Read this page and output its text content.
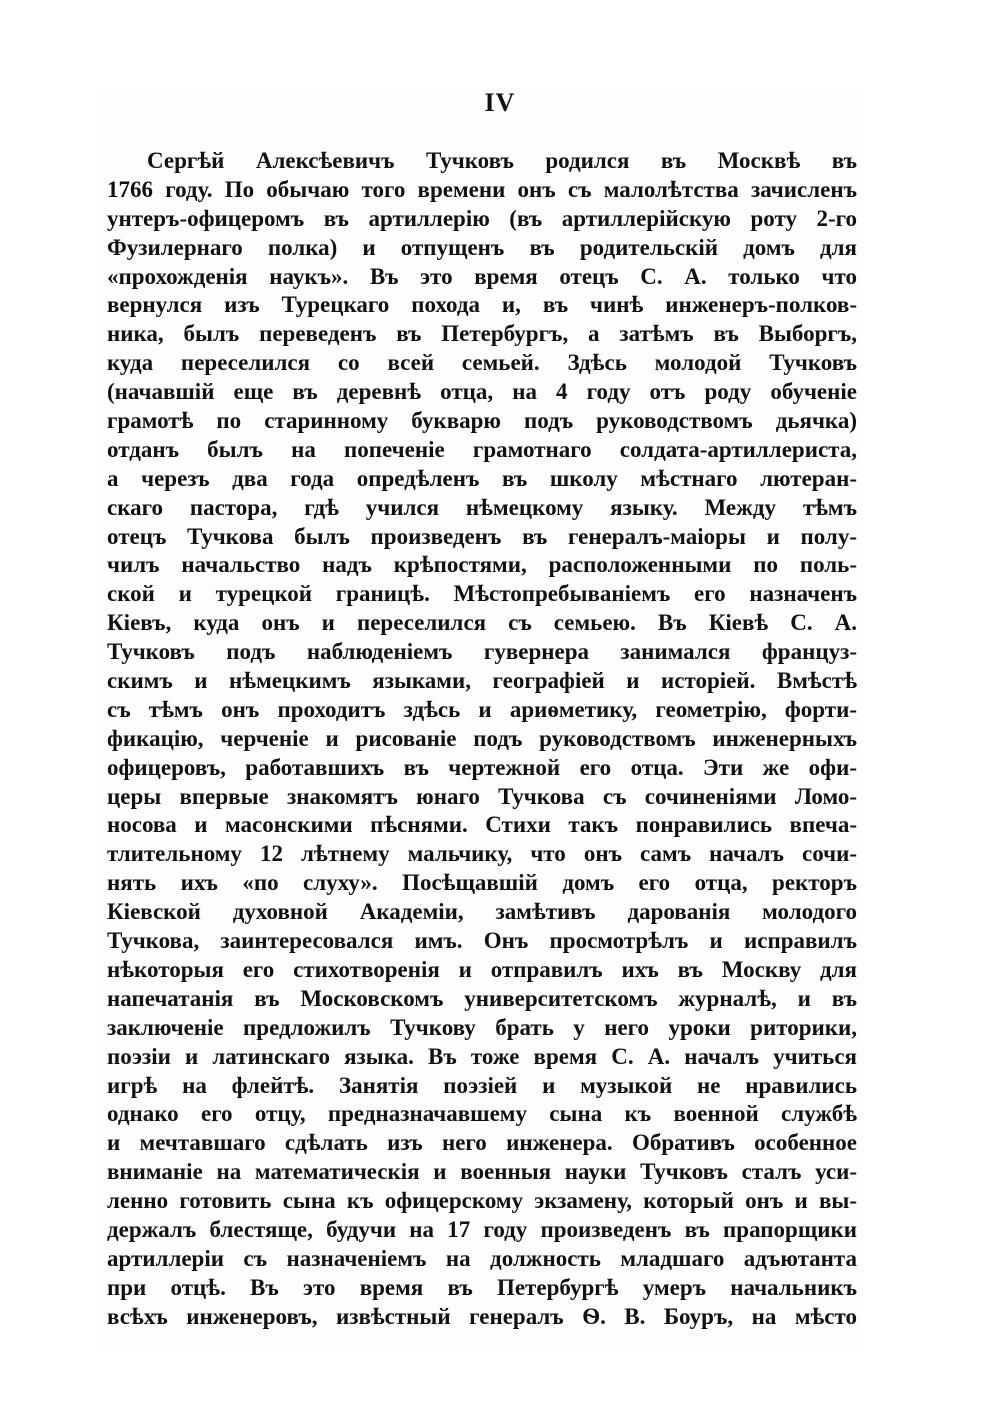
IV
Сергѣй Алексѣевичъ Тучковъ родился въ Москвѣ въ
1766 году. По обычаю того времени онъ съ малолѣтства зачисленъ
унтеръ-офицеромъ въ артиллерію (въ артиллерійскую роту 2-го
Фузилернаго полка) и отпущенъ въ родительскій домъ для
«прохожденія наукъ». Въ это время отецъ С. А. только что
вернулся изъ Турецкаго похода и, въ чинѣ инженеръ-полков-
ника, былъ переведенъ въ Петербургъ, а затѣмъ въ Выборгъ,
куда переселился со всей семьей. Здѣсь молодой Тучковъ
(начавшій еще въ деревнѣ отца, на 4 году отъ роду обученіе
грамотѣ по старинному букварю подъ руководствомъ дьячка)
отданъ былъ на попеченіе грамотнаго солдата-артиллериста,
а черезъ два года опредѣленъ въ школу мѣстнаго лютеран-
скаго пастора, гдѣ учился нѣмецкому языку. Между тѣмъ
отецъ Тучкова былъ произведенъ въ генералъ-маіоры и полу-
чилъ начальство надъ крѣпостями, расположенными по поль-
ской и турецкой границѣ. Мѣстопребываніемъ его назначенъ
Кіевъ, куда онъ и переселился съ семьею. Въ Кіевѣ С. А.
Тучковъ подъ наблюденіемъ гувернера занимался францyз-
скимъ и нѣмецкимъ языками, географіей и исторіей. Вмѣстѣ
съ тѣмъ онъ проходитъ здѣсь и ариѳметику, геометрію, форти-
фикацію, черченіе и рисованіе подъ руководствомъ инженерныхъ
офицеровъ, работавшихъ въ чертежной его отца. Эти же офи-
церы впервые знакомятъ юнаго Тучкова съ сочиненіями Ломо-
носова и масонскими пѣснями. Стихи такъ понравились впеча-
тлительному 12 лѣтнему мальчику, что онъ самъ началъ сочи-
нять ихъ «по слуху». Посѣщавшій домъ его отца, ректоръ
Кіевской духовной Академіи, замѣтивъ дарованія молодого
Тучкова, заинтересовался имъ. Онъ просмотрѣлъ и исправилъ
нѣкоторыя его стихотворенія и отправилъ ихъ въ Москву для
напечатанія въ Московскомъ университетскомъ журналѣ, и въ
заключеніе предложилъ Тучкову брать у него уроки риторики,
поэзіи и латинскаго языка. Въ тоже время С. А. началъ учиться
игрѣ на флейтѣ. Занятія поэзіей и музыкой не нравились
однако его отцу, предназначавшему сына къ военной службѣ
и мечтавшаго сдѣлать изъ него инженера. Обративъ особенное
вниманіе на математическія и военныя науки Тучковъ сталъ уси-
ленно готовить сына къ офицерскому экзамену, который онъ и вы-
держалъ блестяще, будучи на 17 году произведенъ въ прапорщики
артиллеріи съ назначеніемъ на должность младшаго адъютанта
при отцѣ. Въ это время въ Петербургѣ умеръ начальникъ
всѣхъ инженеровъ, извѣстный генералъ Ѳ. В. Боуръ, на мѣсто
